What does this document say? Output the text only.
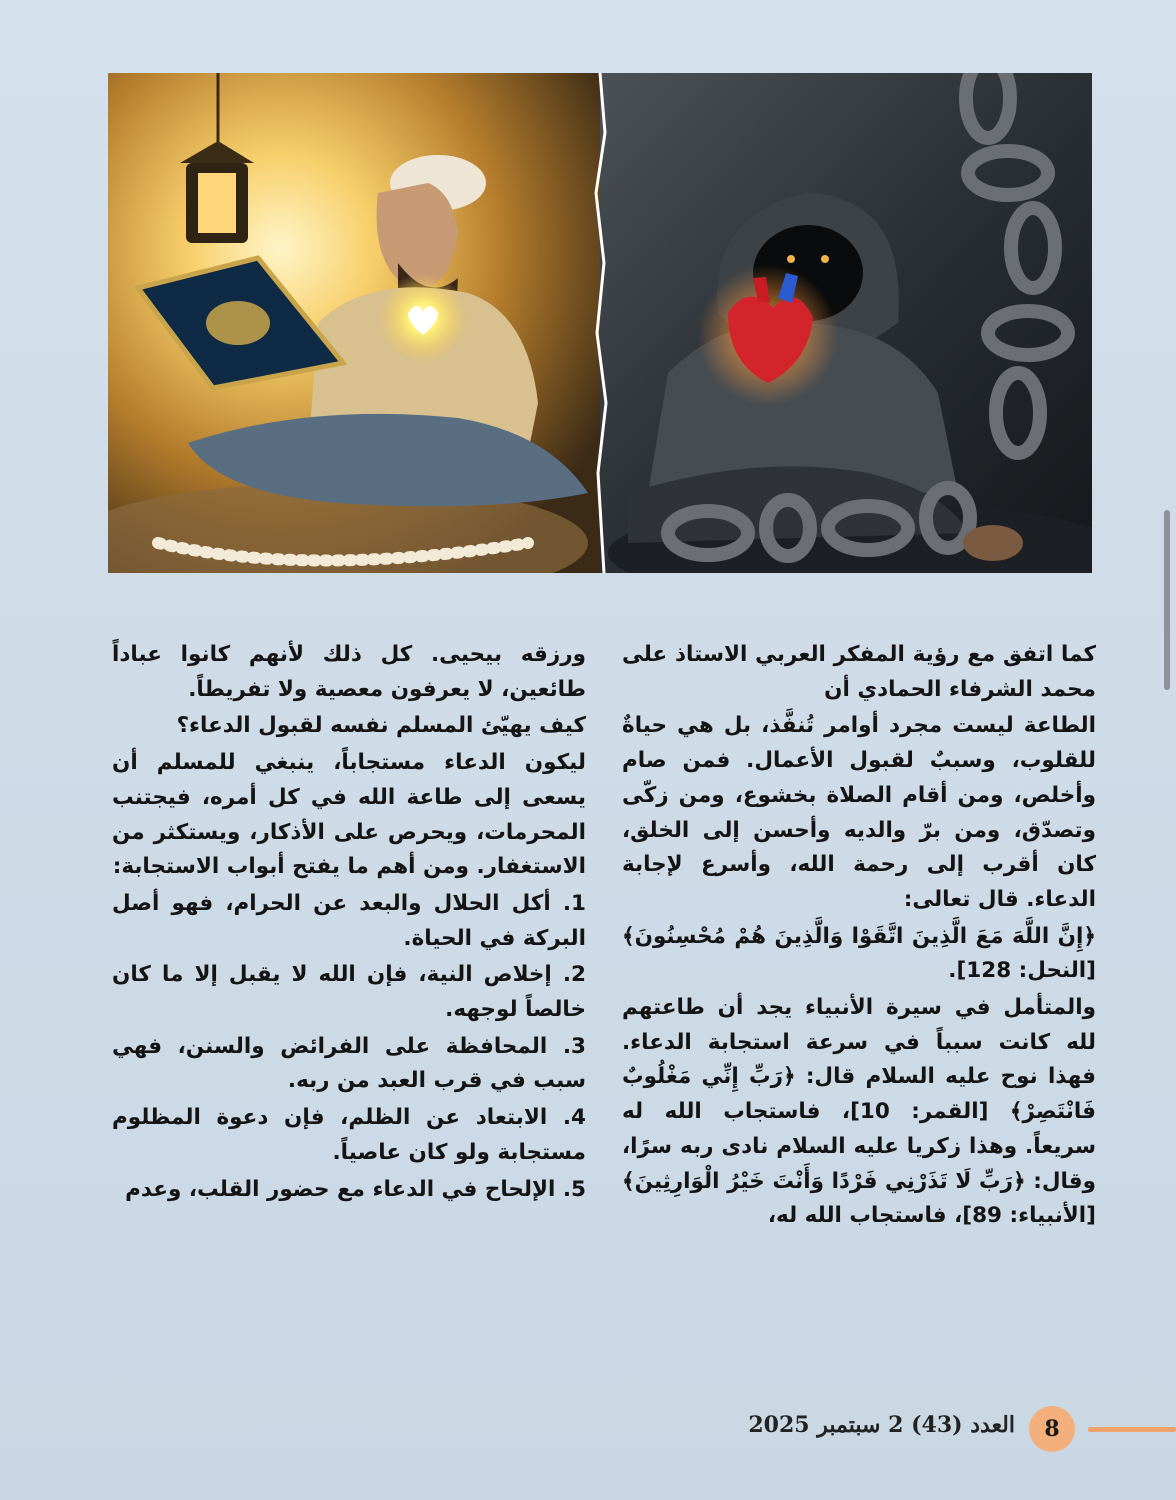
كما اتفق مع رؤية المفكر العربي الاستاذ على محمد الشرفاء الحمادي أن

الطاعة ليست مجرد أوامر تُنفَّذ، بل هي حياةٌ للقلوب، وسببٌ لقبول الأعمال. فمن صام وأخلص، ومن أقام الصلاة بخشوع، ومن زكّى وتصدّق، ومن برّ والديه وأحسن إلى الخلق، كان أقرب إلى رحمة الله، وأسرع لإجابة الدعاء. قال تعالى:

﴿إِنَّ اللَّهَ مَعَ الَّذِينَ اتَّقَوْا وَالَّذِينَ هُمْ مُحْسِنُونَ﴾ [النحل: 128].

والمتأمل في سيرة الأنبياء يجد أن طاعتهم لله كانت سبباً في سرعة استجابة الدعاء. فهذا نوح عليه السلام قال: ﴿رَبِّ إِنِّي مَغْلُوبٌ فَانْتَصِرْ﴾ [القمر: 10]، فاستجاب الله له سريعاً. وهذا زكريا عليه السلام نادى ربه سرًا، وقال: ﴿رَبِّ لَا تَذَرْنِي فَرْدًا وَأَنْتَ خَيْرُ الْوَارِثِينَ﴾ [الأنبياء: 89]، فاستجاب الله له،

ورزقه بيحيى. كل ذلك لأنهم كانوا عباداً طائعين، لا يعرفون معصية ولا تفريطاً.

كيف يهيّئ المسلم نفسه لقبول الدعاء؟

ليكون الدعاء مستجاباً، ينبغي للمسلم أن يسعى إلى طاعة الله في كل أمره، فيجتنب المحرمات، ويحرص على الأذكار، ويستكثر من الاستغفار. ومن أهم ما يفتح أبواب الاستجابة:

1. أكل الحلال والبعد عن الحرام، فهو أصل البركة في الحياة.

2. إخلاص النية، فإن الله لا يقبل إلا ما كان خالصاً لوجهه.

3. المحافظة على الفرائض والسنن، فهي سبب في قرب العبد من ربه.

4. الابتعاد عن الظلم، فإن دعوة المظلوم مستجابة ولو كان عاصياً.

5. الإلحاح في الدعاء مع حضور القلب، وعدم

8
العدد (43) 2 سبتمبر 2025
